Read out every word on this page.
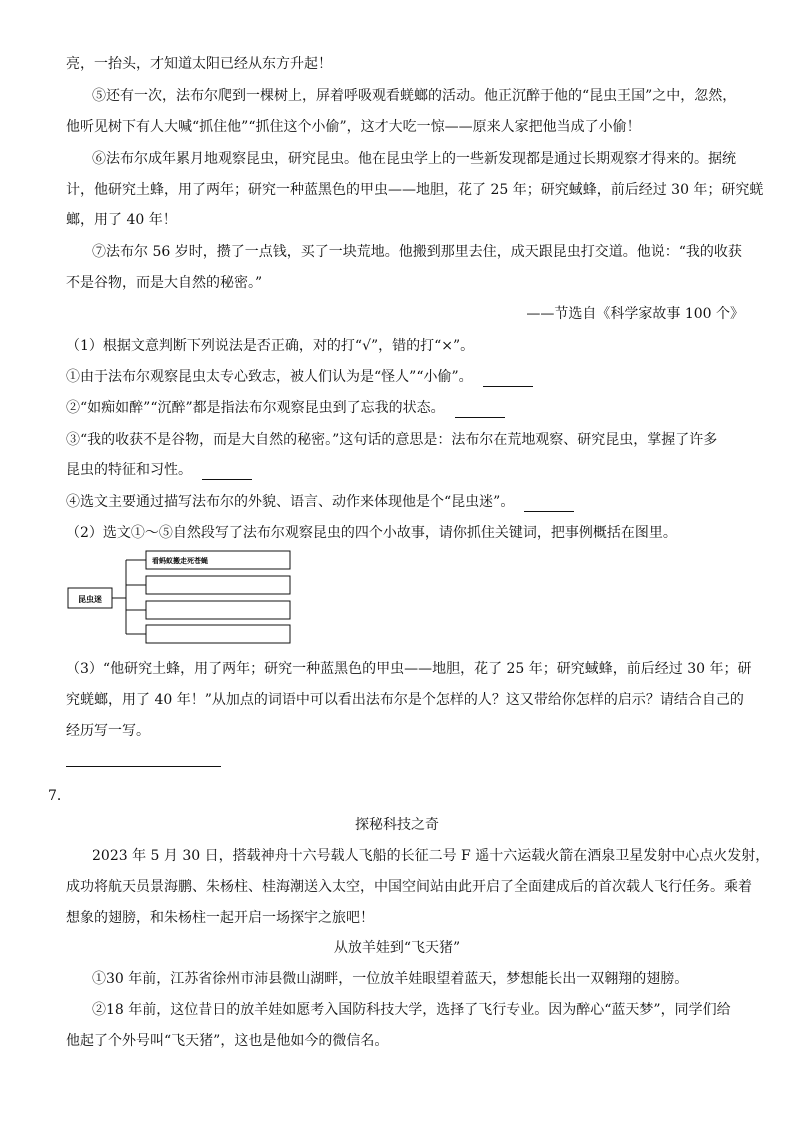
亮，一抬头，才知道太阳已经从东方升起！
⑤还有一次，法布尔爬到一棵树上，屏着呼吸观看蜣螂的活动。他正沉醉于他的“昆虫王国”之中，忽然，
他听见树下有人大喊“抓住他”“抓住这个小偷”，这才大吃一惊——原来人家把他当成了小偷！
⑥法布尔成年累月地观察昆虫，研究昆虫。他在昆虫学上的一些新发现都是通过长期观察才得来的。据统
计，他研究土蜂，用了两年；研究一种蓝黑色的甲虫——地胆，花了 25 年；研究蜮蜂，前后经过 30 年；研究蜣
螂，用了 40 年！
⑦法布尔 56 岁时，攒了一点钱，买了一块荒地。他搬到那里去住，成天跟昆虫打交道。他说：“我的收获
不是谷物，而是大自然的秘密。”
——节选自《科学家故事 100 个》
（1）根据文意判断下列说法是否正确，对的打“√”，错的打“×”。
①由于法布尔观察昆虫太专心致志，被人们认为是“怪人”“小偷”。
②“如痴如醉”“沉醉”都是指法布尔观察昆虫到了忘我的状态。
③“我的收获不是谷物，而是大自然的秘密。”这句话的意思是：法布尔在荒地观察、研究昆虫，掌握了许多
昆虫的特征和习性。
④选文主要通过描写法布尔的外貌、语言、动作来体现他是个“昆虫迷”。
（2）选文①～⑤自然段写了法布尔观察昆虫的四个小故事，请你抓住关键词，把事例概括在图里。
昆虫迷
看蚂蚁搬走死苍蝇
（3）“他研究土蜂，用了两年；研究一种蓝黑色的甲虫——地胆，花了 25 年；研究蜮蜂，前后经过 30 年；研
究蜣螂，用了 40 年！”从加点的词语中可以看出法布尔是个怎样的人？这又带给你怎样的启示？请结合自己的
经历写一写。
7．
探秘科技之奇
2023 年 5 月 30 日，搭载神舟十六号载人飞船的长征二号 F 遥十六运载火箭在酒泉卫星发射中心点火发射，
成功将航天员景海鹏、朱杨柱、桂海潮送入太空，中国空间站由此开启了全面建成后的首次载人飞行任务。乘着
想象的翅膀，和朱杨柱一起开启一场探宇之旅吧！
从放羊娃到“飞天猪”
①30 年前，江苏省徐州市沛县微山湖畔，一位放羊娃眼望着蓝天，梦想能长出一双翱翔的翅膀。
②18 年前，这位昔日的放羊娃如愿考入国防科技大学，选择了飞行专业。因为醉心“蓝天梦”，同学们给
他起了个外号叫“飞天猪”，这也是他如今的微信名。
